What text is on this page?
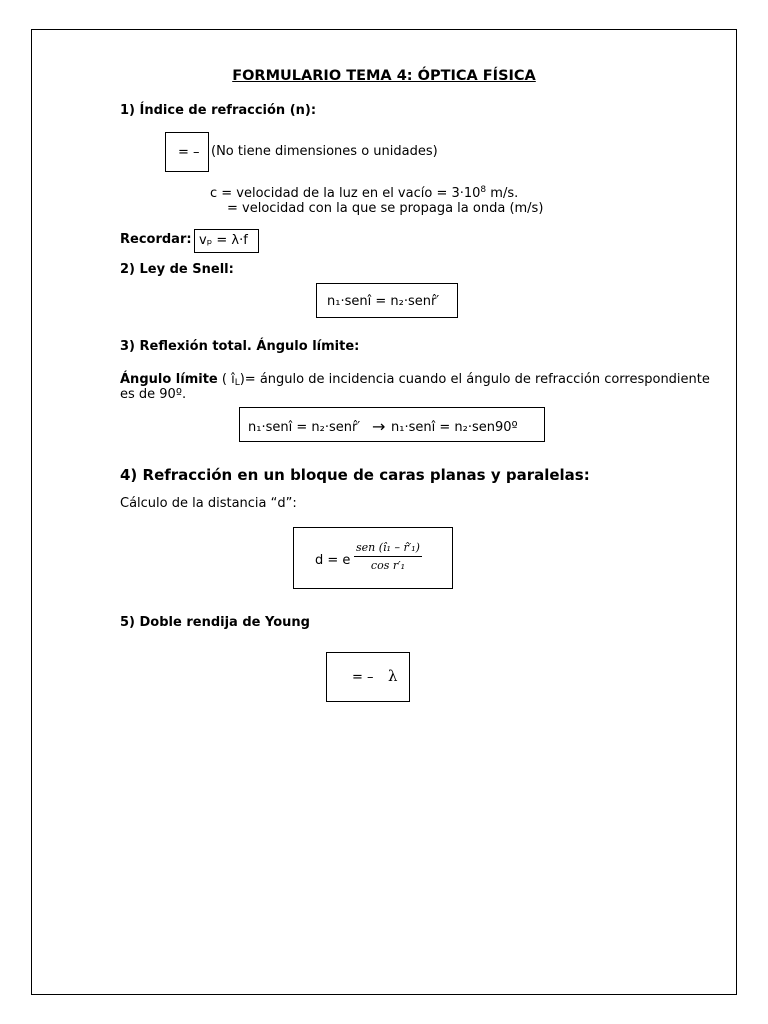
FORMULARIO TEMA 4: ÓPTICA FÍSICA
1) Índice de refracción (n):
= – (No tiene dimensiones o unidades)
c = velocidad de la luz en el vacío = $3\cdot 10^8$ m/s.
= velocidad con la que se propaga la onda (m/s)
Recordar: vₚ = λ·f
2) Ley de Snell:
n₁·senî = n₂·senr̂′
3) Reflexión total. Ángulo límite:
Ángulo límite ( $î_L)=$ ángulo de incidencia cuando el ángulo de refracción correspondiente
es de 90º.
n₁·senî = n₂·senr̂′ → n₁·senî = n₂·sen90º
4) Refracción en un bloque de caras planas y paralelas:
Cálculo de la distancia “d”:
d = e
sen (î₁ – r̂′₁)
cos r′₁
5) Doble rendija de Young
= – λ
